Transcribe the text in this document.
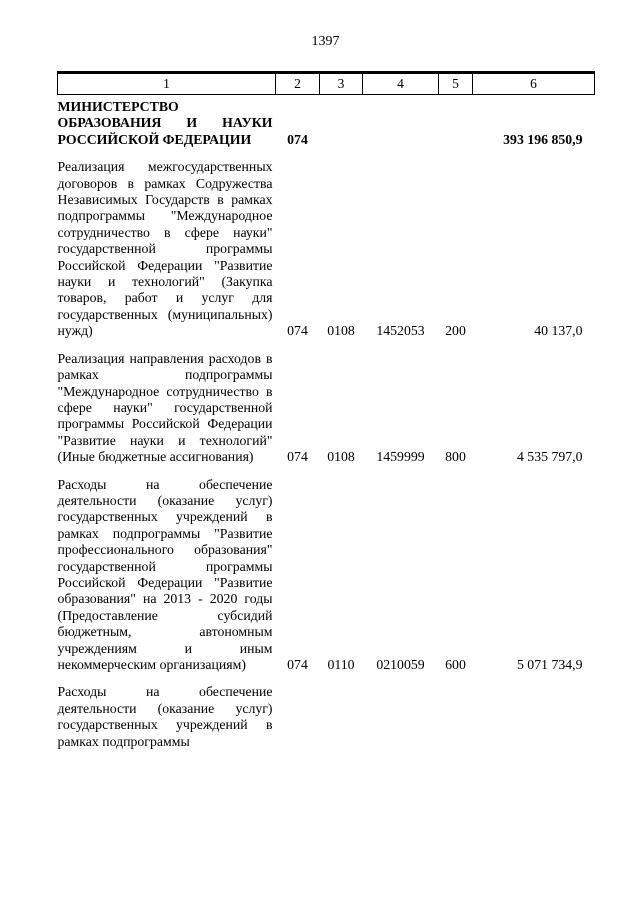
1397
1	2	3	4	5	6
МИНИСТЕРСТВО ОБРАЗОВАНИЯ И НАУКИ РОССИЙСКОЙ ФЕДЕРАЦИИ	074				393 196 850,9
Реализация межгосударственных договоров в рамках Содружества Независимых Государств в рамках подпрограммы "Международное сотрудничество в сфере науки" государственной программы Российской Федерации "Развитие науки и технологий" (Закупка товаров, работ и услуг для государственных (муниципальных) нужд)	074	0108	1452053	200	40 137,0
Реализация направления расходов в рамках подпрограммы "Международное сотрудничество в сфере науки" государственной программы Российской Федерации "Развитие науки и технологий" (Иные бюджетные ассигнования)	074	0108	1459999	800	4 535 797,0
Расходы на обеспечение деятельности (оказание услуг) государственных учреждений в рамках подпрограммы "Развитие профессионального образования" государственной программы Российской Федерации "Развитие образования" на 2013 - 2020 годы (Предоставление субсидий бюджетным, автономным учреждениям и иным некоммерческим организациям)	074	0110	0210059	600	5 071 734,9
Расходы на обеспечение деятельности (оказание услуг) государственных учреждений в рамках подпрограммы					
